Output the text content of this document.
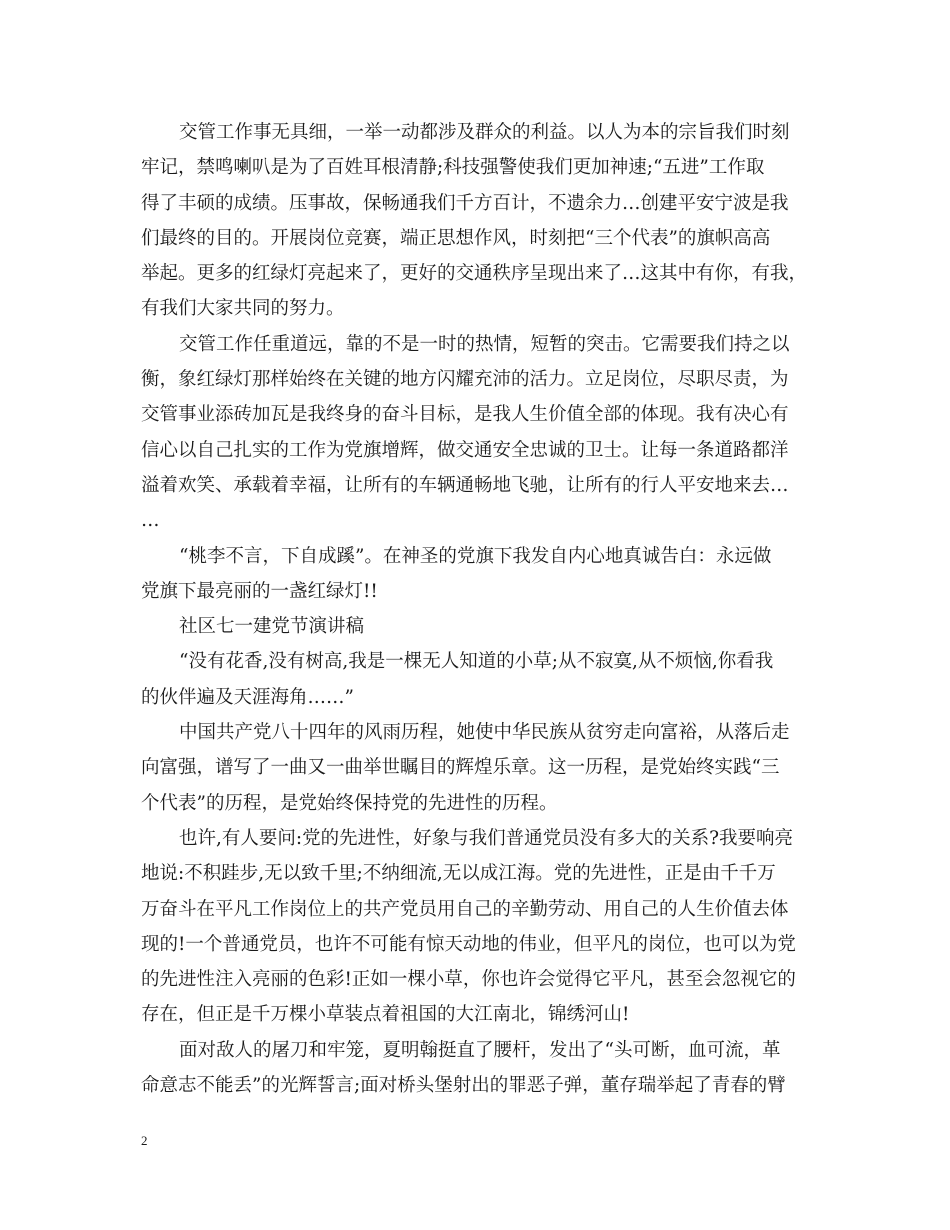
交管工作事无具细，一举一动都涉及群众的利益。以人为本的宗旨我们时刻
牢记，禁鸣喇叭是为了百姓耳根清静;科技强警使我们更加神速;“五进”工作取
得了丰硕的成绩。压事故，保畅通我们千方百计，不遗余力…创建平安宁波是我
们最终的目的。开展岗位竞赛，端正思想作风，时刻把“三个代表”的旗帜高高
举起。更多的红绿灯亮起来了，更好的交通秩序呈现出来了…这其中有你，有我，
有我们大家共同的努力。
交管工作任重道远，靠的不是一时的热情，短暂的突击。它需要我们持之以
衡，象红绿灯那样始终在关键的地方闪耀充沛的活力。立足岗位，尽职尽责，为
交管事业添砖加瓦是我终身的奋斗目标，是我人生价值全部的体现。我有决心有
信心以自己扎实的工作为党旗增辉，做交通安全忠诚的卫士。让每一条道路都洋
溢着欢笑、承载着幸福，让所有的车辆通畅地飞驰，让所有的行人平安地来去…
…
“桃李不言，下自成蹊”。在神圣的党旗下我发自内心地真诚告白：永远做
党旗下最亮丽的一盏红绿灯!!
社区七一建党节演讲稿
“没有花香,没有树高,我是一棵无人知道的小草;从不寂寞,从不烦恼,你看我
的伙伴遍及天涯海角……”
中国共产党八十四年的风雨历程，她使中华民族从贫穷走向富裕，从落后走
向富强，谱写了一曲又一曲举世瞩目的辉煌乐章。这一历程，是党始终实践“三
个代表”的历程，是党始终保持党的先进性的历程。
也许,有人要问:党的先进性，好象与我们普通党员没有多大的关系?我要响亮
地说:不积跬步,无以致千里;不纳细流,无以成江海。党的先进性，正是由千千万
万奋斗在平凡工作岗位上的共产党员用自己的辛勤劳动、用自己的人生价值去体
现的!一个普通党员，也许不可能有惊天动地的伟业，但平凡的岗位，也可以为党
的先进性注入亮丽的色彩!正如一棵小草，你也许会觉得它平凡，甚至会忽视它的
存在，但正是千万棵小草装点着祖国的大江南北，锦绣河山!
面对敌人的屠刀和牢笼，夏明翰挺直了腰杆，发出了“头可断，血可流，革
命意志不能丢”的光辉誓言;面对桥头堡射出的罪恶子弹，董存瑞举起了青春的臂
2
